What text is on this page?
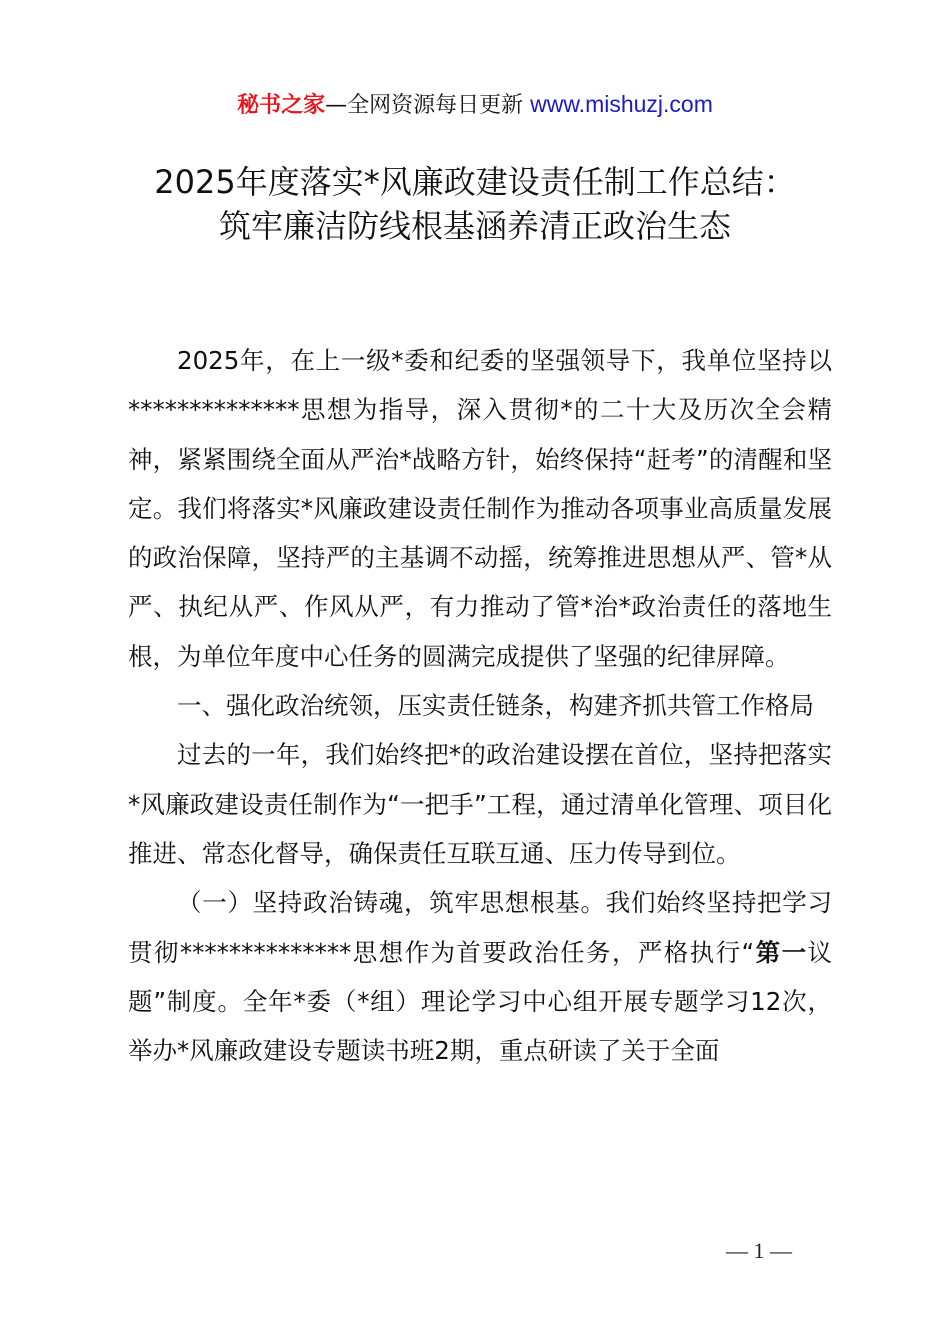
秘书之家—全网资源每日更新 www.mishuzj.com
2025年度落实*风廉政建设责任制工作总结：
筑牢廉洁防线根基涵养清正政治生态

2025年，在上一级*委和纪委的坚强领导下，我单位坚持以**************思想为指导，深入贯彻*的二十大及历次全会精神，紧紧围绕全面从严治*战略方针，始终保持“赶考”的清醒和坚定。我们将落实*风廉政建设责任制作为推动各项事业高质量发展的政治保障，坚持严的主基调不动摇，统筹推进思想从严、管*从严、执纪从严、作风从严，有力推动了管*治*政治责任的落地生根，为单位年度中心任务的圆满完成提供了坚强的纪律屏障。

一、强化政治统领，压实责任链条，构建齐抓共管工作格局

过去的一年，我们始终把*的政治建设摆在首位，坚持把落实*风廉政建设责任制作为“一把手”工程，通过清单化管理、项目化推进、常态化督导，确保责任互联互通、压力传导到位。

（一）坚持政治铸魂，筑牢思想根基。我们始终坚持把学习贯彻**************思想作为首要政治任务，严格执行“第一议题”制度。全年*委（*组）理论学习中心组开展专题学习12次，举办*风廉政建设专题读书班2期，重点研读了关于全面

— 1 —
